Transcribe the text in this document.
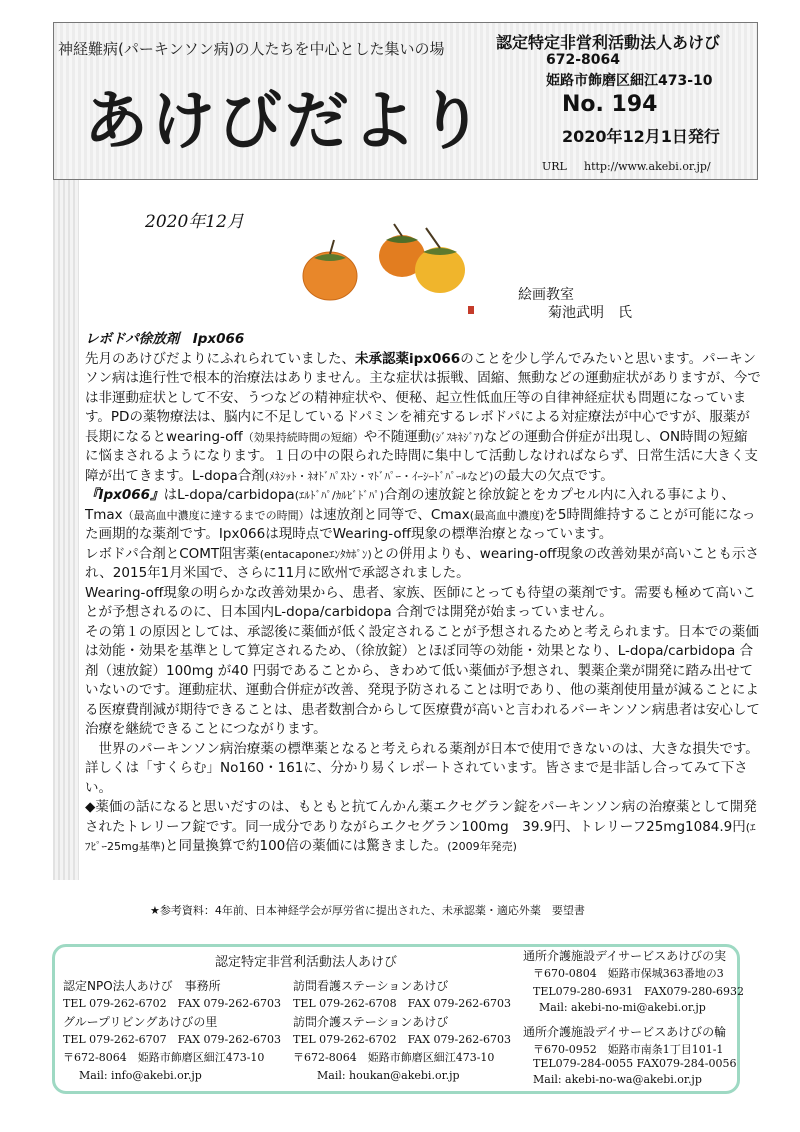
神経難病(パーキンソン病)の人たちを中心とした集いの場
あけびだより
認定特定非営利活動法人あけび
672-8064
姫路市飾磨区細江473-10
No. 194
2020年12月1日発行
URL http://www.akebi.or.jp/
2020年12月
絵画教室
菊池武明　氏

レボドパ徐放剤　Ipx066

先月のあけびだよりにふれられていました、未承認薬ipx066のことを少し学んでみたいと思います。パーキンソン病は進行性で根本的治療法はありません。主な症状は振戦、固縮、無動などの運動症状がありますが、今では非運動症状として不安、うつなどの精神症状や、便秘、起立性低血圧等の自律神経症状も問題になっています。PDの薬物療法は、脳内に不足しているドパミンを補充するレボドパによる対症療法が中心ですが、服薬が長期になるとwearing-off（効果持続時間の短縮）や不随運動(ｼﾞｽｷﾈｼﾞｱ)などの運動合併症が出現し、ON時間の短縮に悩まされるようになります。１日の中の限られた時間に集中して活動しなければならず、日常生活に大きく支障が出てきます。L-dopa合剤(ﾒﾈｼｯﾄ・ﾈｵﾄﾞﾊﾟｽﾄﾝ・ﾏﾄﾞﾊﾟｰ・ｲｰｼｰﾄﾞﾊﾟｰﾙなど)の最大の欠点です。

『Ipx066』はL-dopa/carbidopa(ｴﾙﾄﾞﾊﾟ/ｶﾙﾋﾞﾄﾞﾊﾟ)合剤の速放錠と徐放錠とをカプセル内に入れる事により、Tmax（最高血中濃度に達するまでの時間）は速放剤と同等で、Cmax(最高血中濃度)を5時間維持することが可能になった画期的な薬剤です。Ipx066は現時点でWearing-off現象の標準治療となっています。

レボドパ合剤とCOMT阻害薬(entacaponeｴﾝﾀｶﾎﾟﾝ)との併用よりも、wearing-off現象の改善効果が高いことも示され、2015年1月米国で、さらに11月に欧州で承認されました。

Wearing-off現象の明らかな改善効果から、患者、家族、医師にとっても待望の薬剤です。需要も極めて高いことが予想されるのに、日本国内L-dopa/carbidopa 合剤では開発が始まっていません。

その第１の原因としては、承認後に薬価が低く設定されることが予想されるためと考えられます。日本での薬価は効能・効果を基準として算定されるため、（徐放錠）とほぼ同等の効能・効果となり、L-dopa/carbidopa 合剤（速放錠）100mg が40 円弱であることから、きわめて低い薬価が予想され、製薬企業が開発に踏み出せていないのです。運動症状、運動合併症が改善、発現予防されることは明であり、他の薬剤使用量が減ることによる医療費削減が期待できることは、患者数割合からして医療費が高いと言われるパーキンソン病患者は安心して治療を継続できることにつながります。

世界のパーキンソン病治療薬の標準薬となると考えられる薬剤が日本で使用できないのは、大きな損失です。詳しくは「すくらむ」No160・161に、分かり易くレポートされています。皆さまで是非話し合ってみて下さい。

◆薬価の話になると思いだすのは、もともと抗てんかん薬エクセグラン錠をパーキンソン病の治療薬として開発されたトレリーフ錠です。同一成分でありながらエクセグラン100mg　39.9円、トレリーフ25mg1084.9円(ｴﾌﾋﾟｰ25mg基準)と同量換算で約100倍の薬価には驚きました。(2009年発売)

★参考資料：4年前、日本神経学会が厚労省に提出された、未承認薬・適応外薬　要望書
認定特定非営利活動法人あけび
認定NPO法人あけび　事務所
TEL 079-262-6702　FAX 079-262-6703
グループリビングあけびの里
TEL 079-262-6707　FAX 079-262-6703
〒672-8064　姫路市飾磨区細江473-10
Mail: info@akebi.or.jp
訪問看護ステーションあけび
TEL 079-262-6708　FAX 079-262-6703
訪問介護ステーションあけび
TEL 079-262-6702　FAX 079-262-6703
〒672-8064　姫路市飾磨区細江473-10
Mail: houkan@akebi.or.jp
通所介護施設デイサービスあけびの実
〒670-0804　姫路市保城363番地の3
TEL079-280-6931　FAX079-280-6932
Mail: akebi-no-mi@akebi.or.jp
通所介護施設デイサービスあけびの輪
〒670-0952　姫路市南条1丁目101-1
TEL079-284-0055 FAX079-284-0056
Mail: akebi-no-wa@akebi.or.jp
